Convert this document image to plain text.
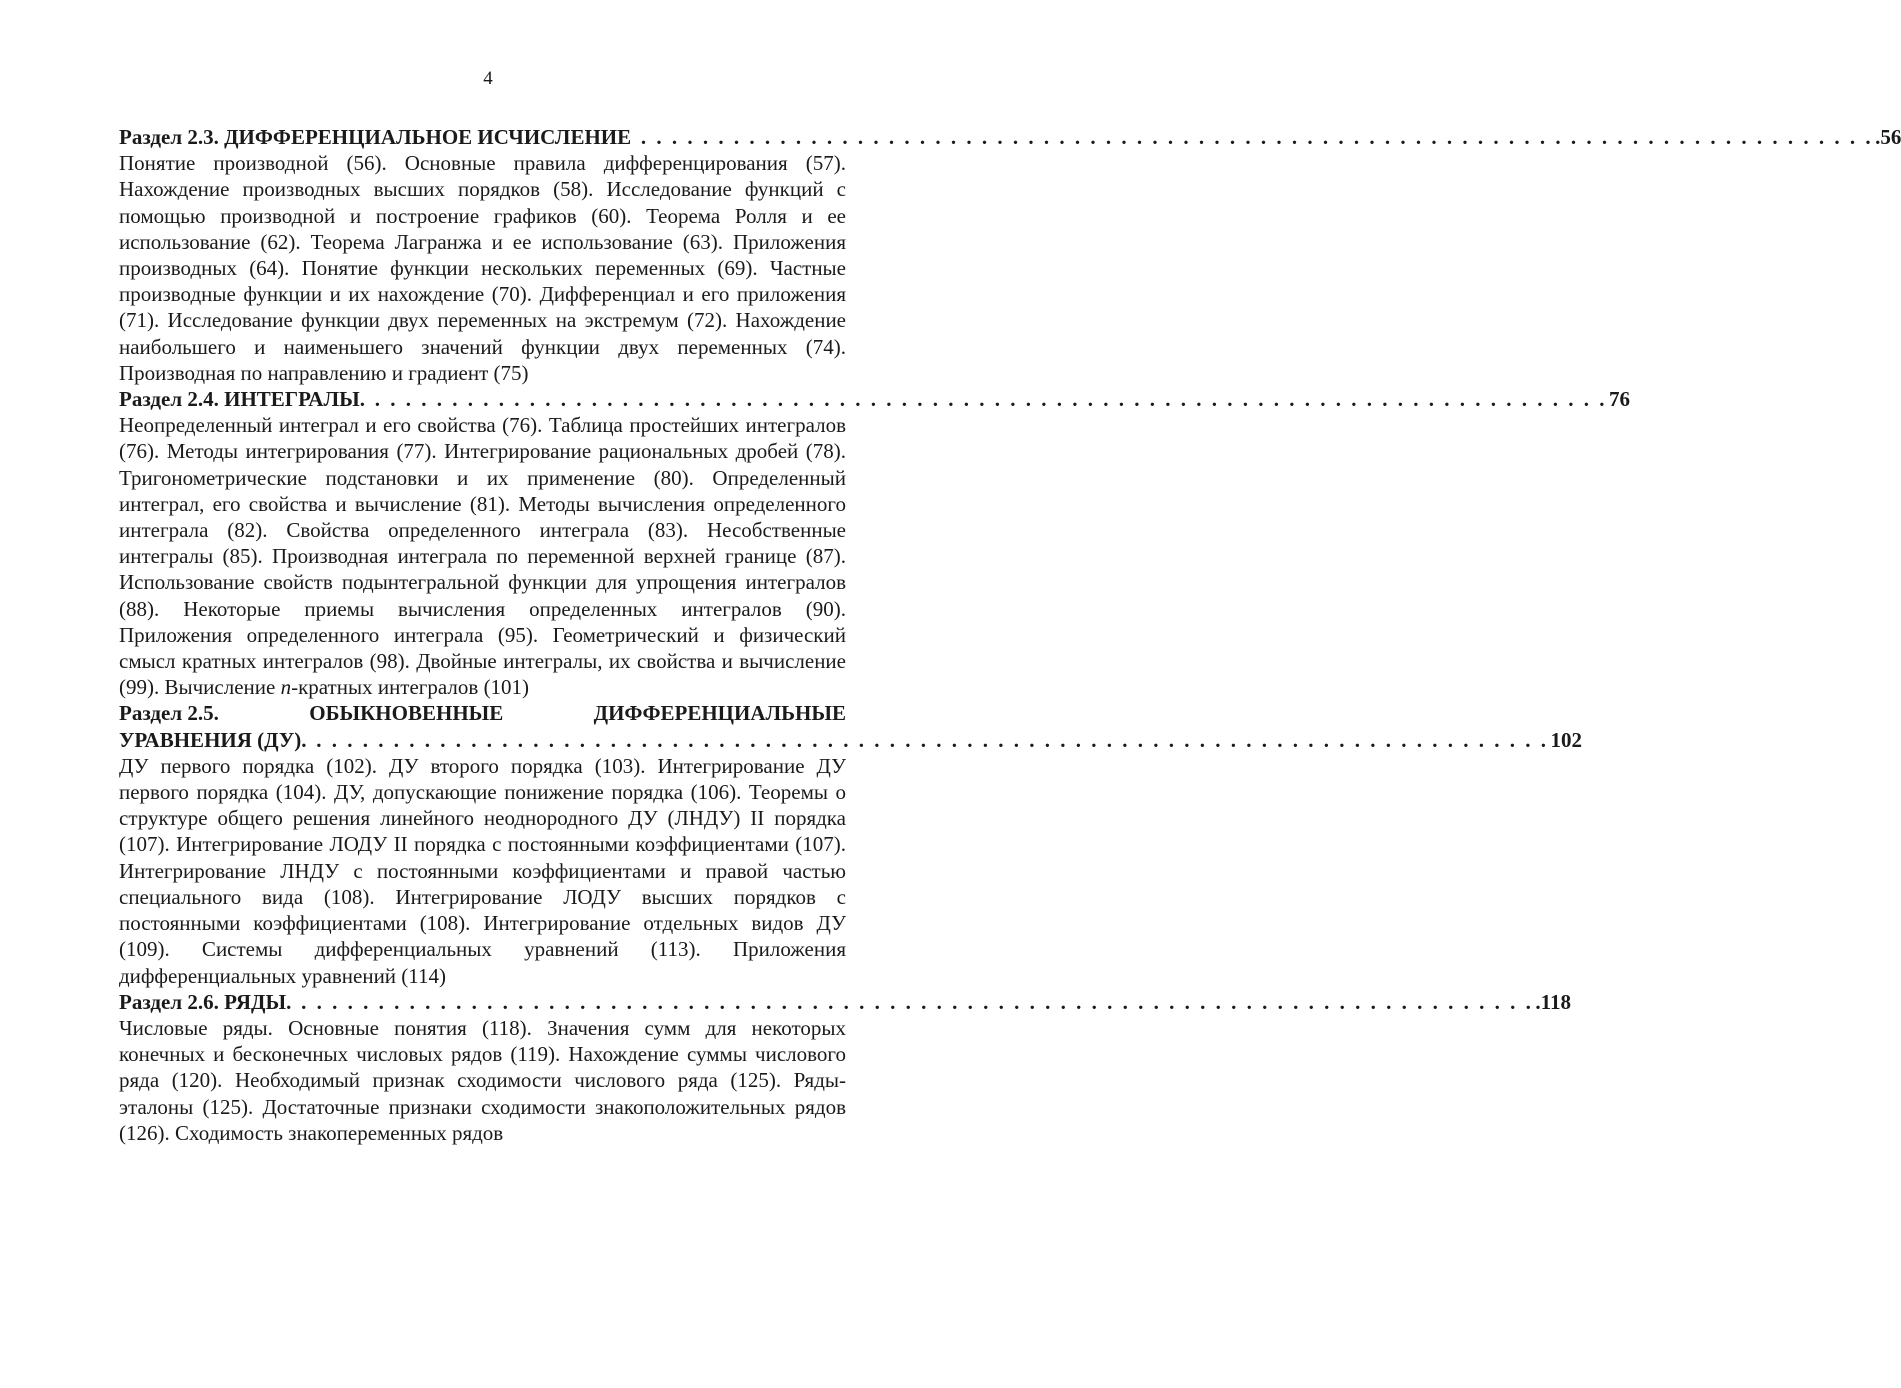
4
Раздел 2.3. ДИФФЕРЕНЦИАЛЬНОЕ ИСЧИСЛЕНИЕ . . . . . . . . . . . . . . . . . . . . . . . . . . . . . . . . . . . . . . . . . . . . . . . . . . . . . . . . . . . . . . . . . . . . . . . . . . . . . . . . .56
Понятие производной (56). Основные правила дифференцирования (57). Нахождение производных высших порядков (58). Исследование функций с помощью производной и построение графиков (60). Теорема Ролля и ее использование (62). Теорема Лагранжа и ее использование (63). Приложения производных (64). Понятие функции нескольких переменных (69). Частные производные функции и их нахождение (70). Дифференциал и его приложения (71). Исследование функции двух переменных на экстремум (72). Нахождение наибольшего и наименьшего значений функции двух переменных (74). Производная по направлению и градиент (75)
Раздел 2.4. ИНТЕГРАЛЫ. . . . . . . . . . . . . . . . . . . . . . . . . . . . . . . . . . . . . . . . . . . . . . . . . . . . . . . . . . . . . . . . . . . . . . . . . . . . . . . . . 76
Неопределенный интеграл и его свойства (76). Таблица простейших интегралов (76). Методы интегрирования (77). Интегрирование рациональных дробей (78). Тригонометрические подстановки и их применение (80). Определенный интеграл, его свойства и вычисление (81). Методы вычисления определенного интеграла (82). Свойства определенного интеграла (83). Несобственные интегралы (85). Производная интеграла по переменной верхней границе (87). Использование свойств подынтегральной функции для упрощения интегралов (88). Некоторые приемы вычисления определенных интегралов (90). Приложения определенного интеграла (95). Геометрический и физический смысл кратных интегралов (98). Двойные интегралы, их свойства и вычисление (99). Вычисление n-кратных интегралов (101)
Раздел 2.5.	ОБЫКНОВЕННЫЕ	ДИФФЕРЕНЦИАЛЬНЫЕ
УРАВНЕНИЯ (ДУ). . . . . . . . . . . . . . . . . . . . . . . . . . . . . . . . . . . . . . . . . . . . . . . . . . . . . . . . . . . . . . . . . . . . . . . . . . . . . . . . . 102
ДУ первого порядка (102). ДУ второго порядка (103). Интегрирование ДУ первого порядка (104). ДУ, допускающие понижение порядка (106). Теоремы о структуре общего решения линейного неоднородного ДУ (ЛНДУ) II порядка (107). Интегрирование ЛОДУ II порядка с постоянными коэффициентами (107). Интегрирование ЛНДУ с постоянными коэффициентами и правой частью специального вида (108). Интегрирование ЛОДУ высших порядков с постоянными коэффициентами (108). Интегрирование отдельных видов ДУ (109). Системы дифференциальных уравнений (113). Приложения дифференциальных уравнений (114)
Раздел 2.6. РЯДЫ. . . . . . . . . . . . . . . . . . . . . . . . . . . . . . . . . . . . . . . . . . . . . . . . . . . . . . . . . . . . . . . . . . . . . . . . . . . . . . . . . .118
Числовые ряды. Основные понятия (118). Значения сумм для некоторых конечных и бесконечных числовых рядов (119). Нахождение суммы числового ряда (120). Необходимый признак сходимости числового ряда (125). Ряды-эталоны (125). Достаточные признаки сходимости знакоположительных рядов (126). Сходимость знакопеременных рядов
